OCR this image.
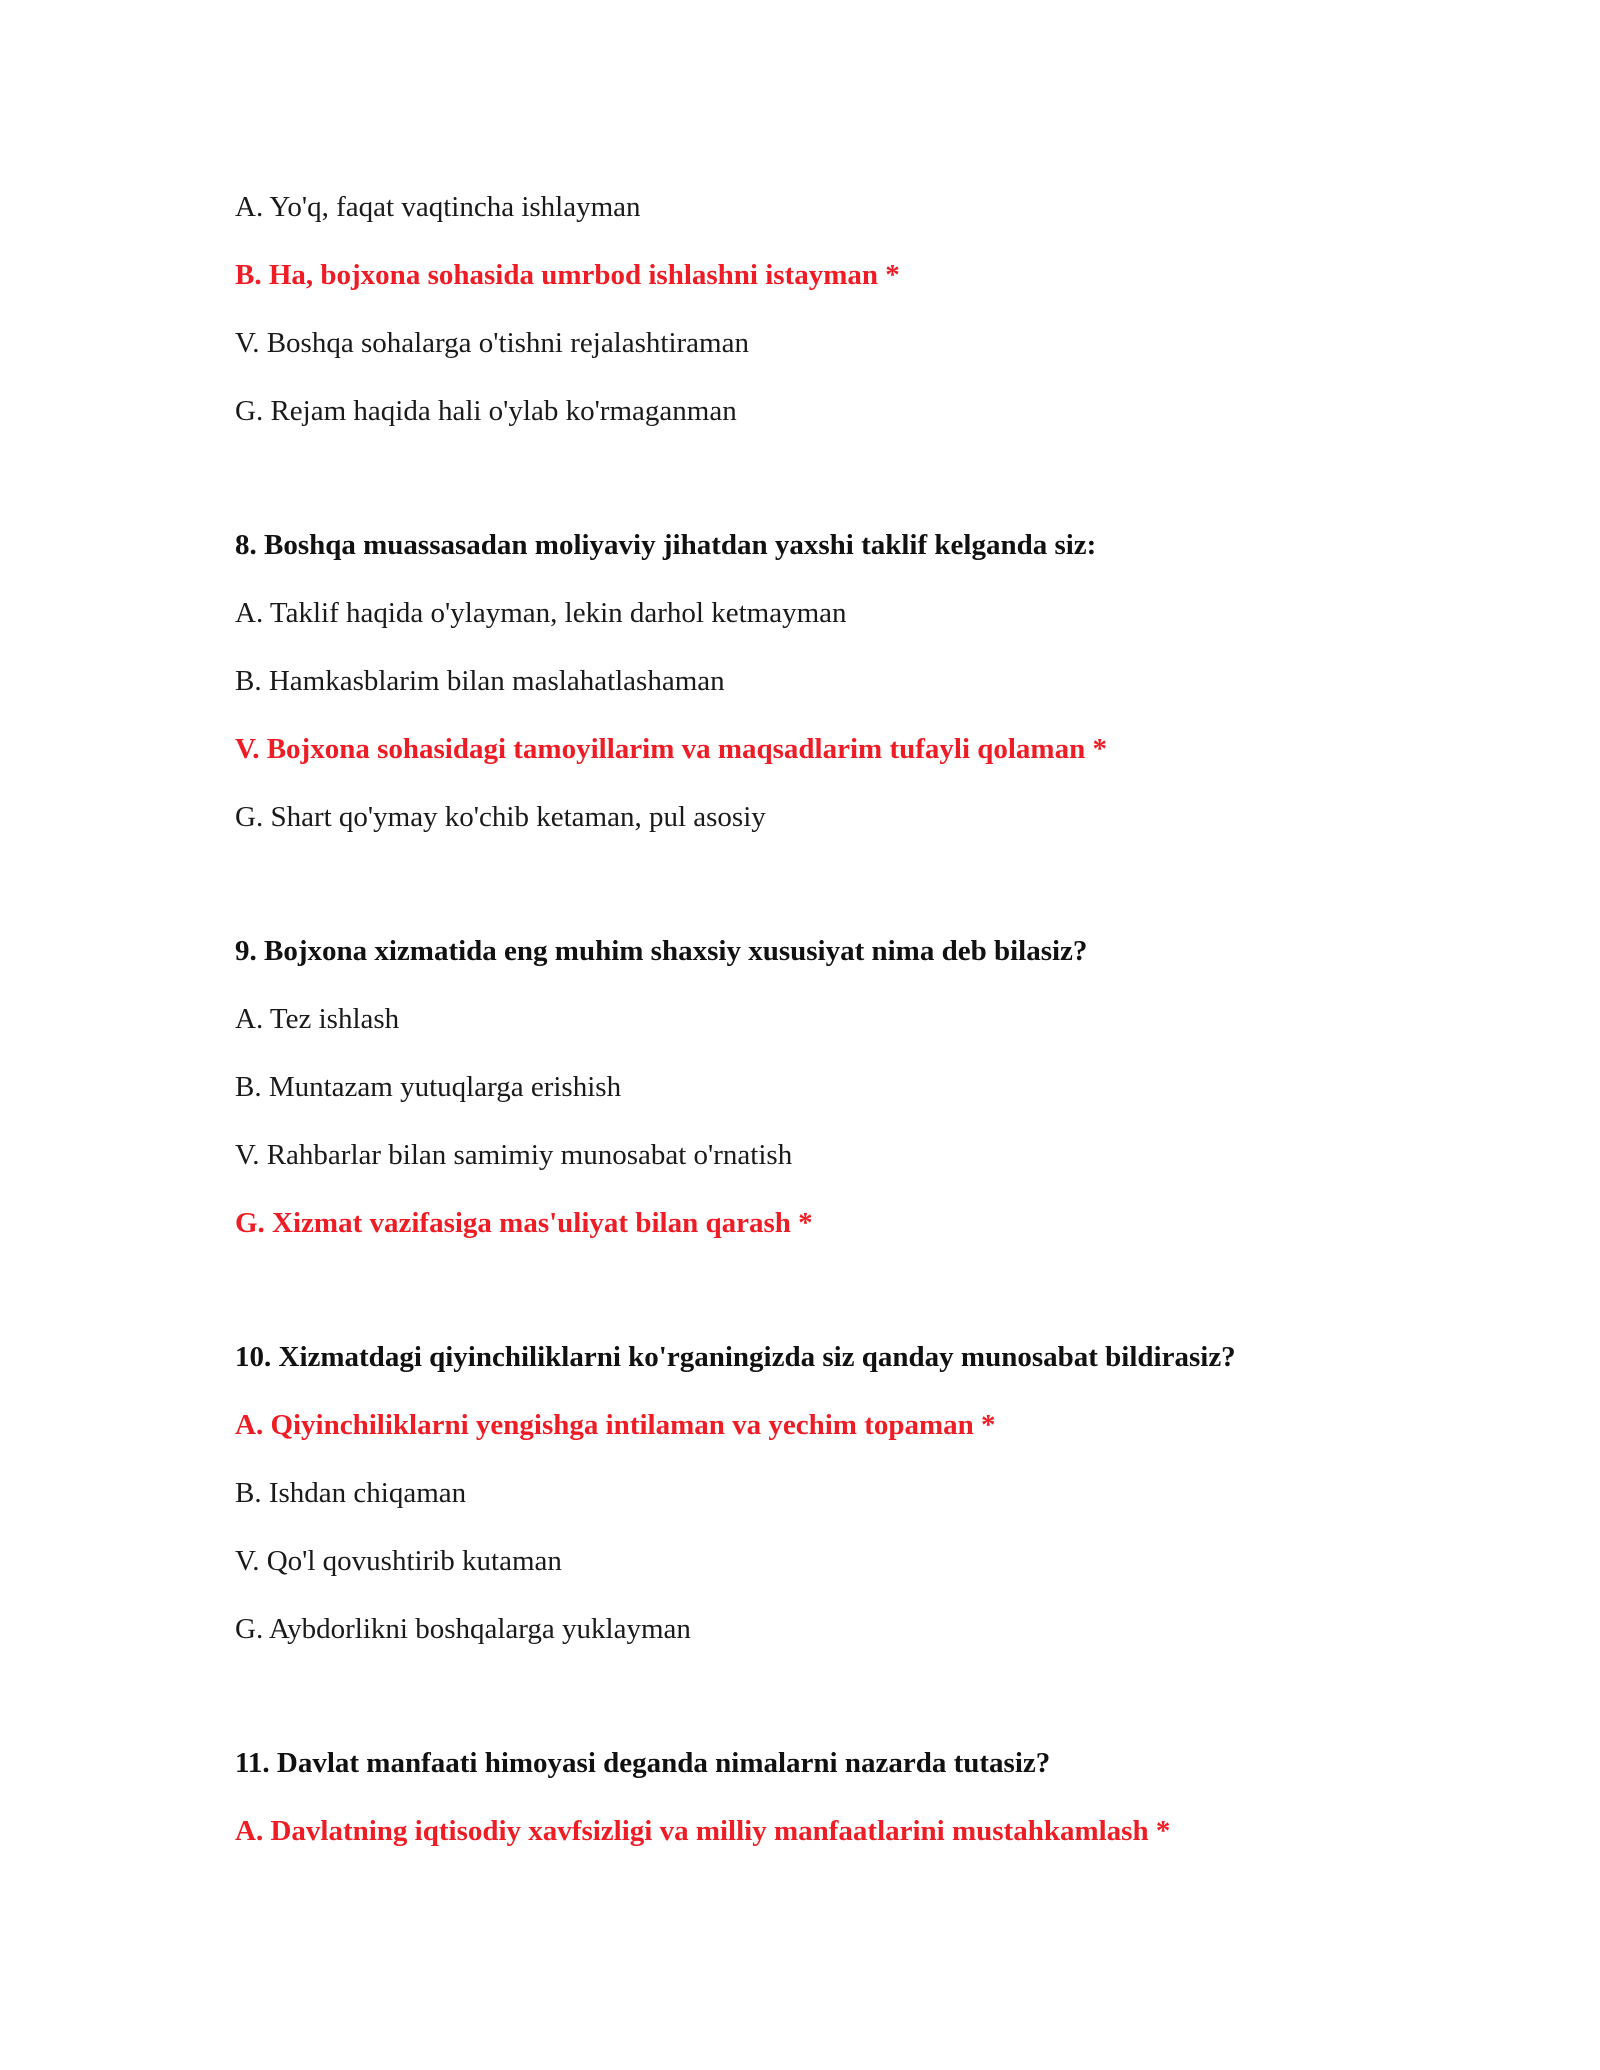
A. Yo'q, faqat vaqtincha ishlayman
B. Ha, bojxona sohasida umrbod ishlashni istayman *
V. Boshqa sohalarga o'tishni rejalashtiraman
G. Rejam haqida hali o'ylab ko'rmaganman
8. Boshqa muassasadan moliyaviy jihatdan yaxshi taklif kelganda siz:
A. Taklif haqida o'ylayman, lekin darhol ketmayman
B. Hamkasblarim bilan maslahatlashaman
V. Bojxona sohasidagi tamoyillarim va maqsadlarim tufayli qolaman *
G. Shart qo'ymay ko'chib ketaman, pul asosiy
9. Bojxona xizmatida eng muhim shaxsiy xususiyat nima deb bilasiz?
A. Tez ishlash
B. Muntazam yutuqlarga erishish
V. Rahbarlar bilan samimiy munosabat o'rnatish
G. Xizmat vazifasiga mas'uliyat bilan qarash *
10. Xizmatdagi qiyinchiliklarni ko'rganingizda siz qanday munosabat bildirasiz?
A. Qiyinchiliklarni yengishga intilaman va yechim topaman *
B. Ishdan chiqaman
V. Qo'l qovushtirib kutaman
G. Aybdorlikni boshqalarga yuklayman
11. Davlat manfaati himoyasi deganda nimalarni nazarda tutasiz?
A. Davlatning iqtisodiy xavfsizligi va milliy manfaatlarini mustahkamlash *
